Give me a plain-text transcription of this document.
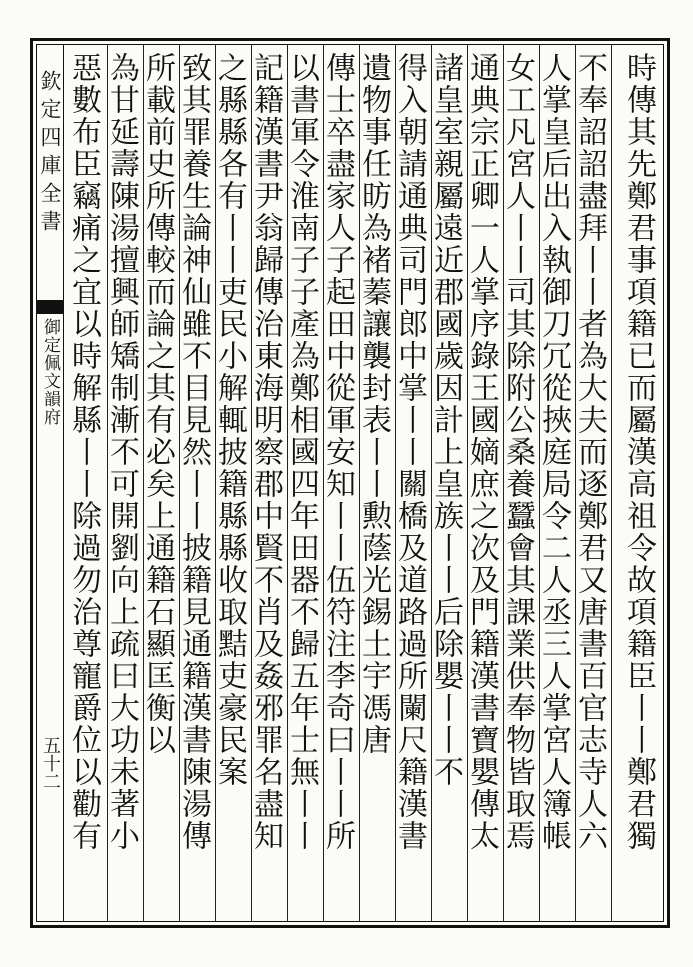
欽定四庫全書
御定佩文韻府
五十二	時傳其先鄭君事項籍已而屬漢高祖令故項籍臣丨丨鄭君獨
不奉詔詔盡拜丨丨者為大夫而逐鄭君又唐書百官志寺人六
人掌皇后出入執御刀冗從挾庭局令二人丞三人掌宮人簿帳
女工凡宮人丨丨司其除附公桑養蠶會其課業供奉物皆取焉
通典宗正卿一人掌序錄王國嫡庶之次及門籍漢書寶嬰傳太
諸皇室親屬遠近郡國歲因計上皇族丨丨后除嬰丨丨不
得入朝請通典司門郎中掌丨丨關橋及道路過所闌尺籍漢書
遺物事任昉為褚蓁讓襲封表丨丨勲蔭光錫土宇馮唐
傳士卒盡家人子起田中從軍安知丨丨伍符注李奇曰丨丨所
以書軍令淮南子子產為鄭相國四年田器不歸五年士無丨丨
記籍漢書尹翁歸傳治東海明察郡中賢不肖及姦邪罪名盡知
之縣縣各有丨丨吏民小解輒披籍縣縣收取黠吏豪民案
致其罪養生論神仙雖不目見然丨丨披籍見通籍漢書陳湯傳
所載前史所傳較而論之其有必矣上通籍石顯匡衡以
為甘延壽陳湯擅興師矯制漸不可開劉向上疏曰大功未著小
惡數布臣竊痛之宜以時解縣丨丨除過勿治尊寵爵位以勸有
